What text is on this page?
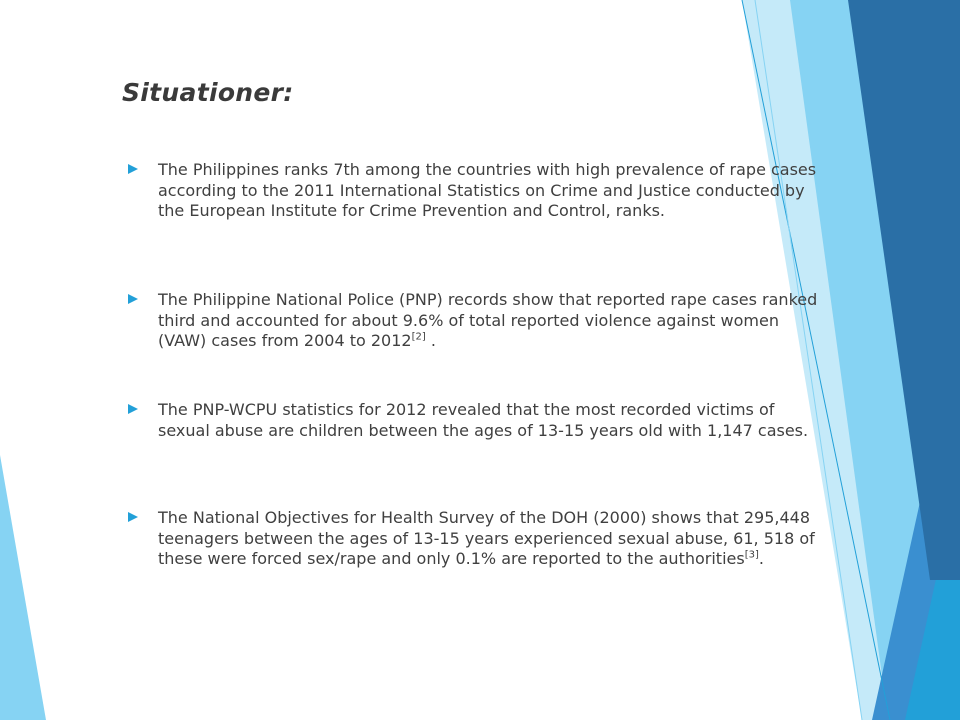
Situationer:
The Philippines ranks 7th among the countries with high prevalence of rape cases according to the 2011 International Statistics on Crime and Justice conducted by the European Institute for Crime Prevention and Control, ranks.
The Philippine National Police (PNP) records show that reported rape cases ranked third and accounted for about 9.6% of total reported violence against women (VAW) cases from 2004 to 2012[2] .
The PNP-WCPU statistics for 2012 revealed that the most recorded victims of sexual abuse are children between the ages of 13-15 years old with 1,147 cases.
The National Objectives for Health Survey of the DOH (2000) shows that 295,448 teenagers between the ages of 13-15 years experienced sexual abuse, 61, 518 of these were forced sex/rape and only 0.1% are reported to the authorities[3].
